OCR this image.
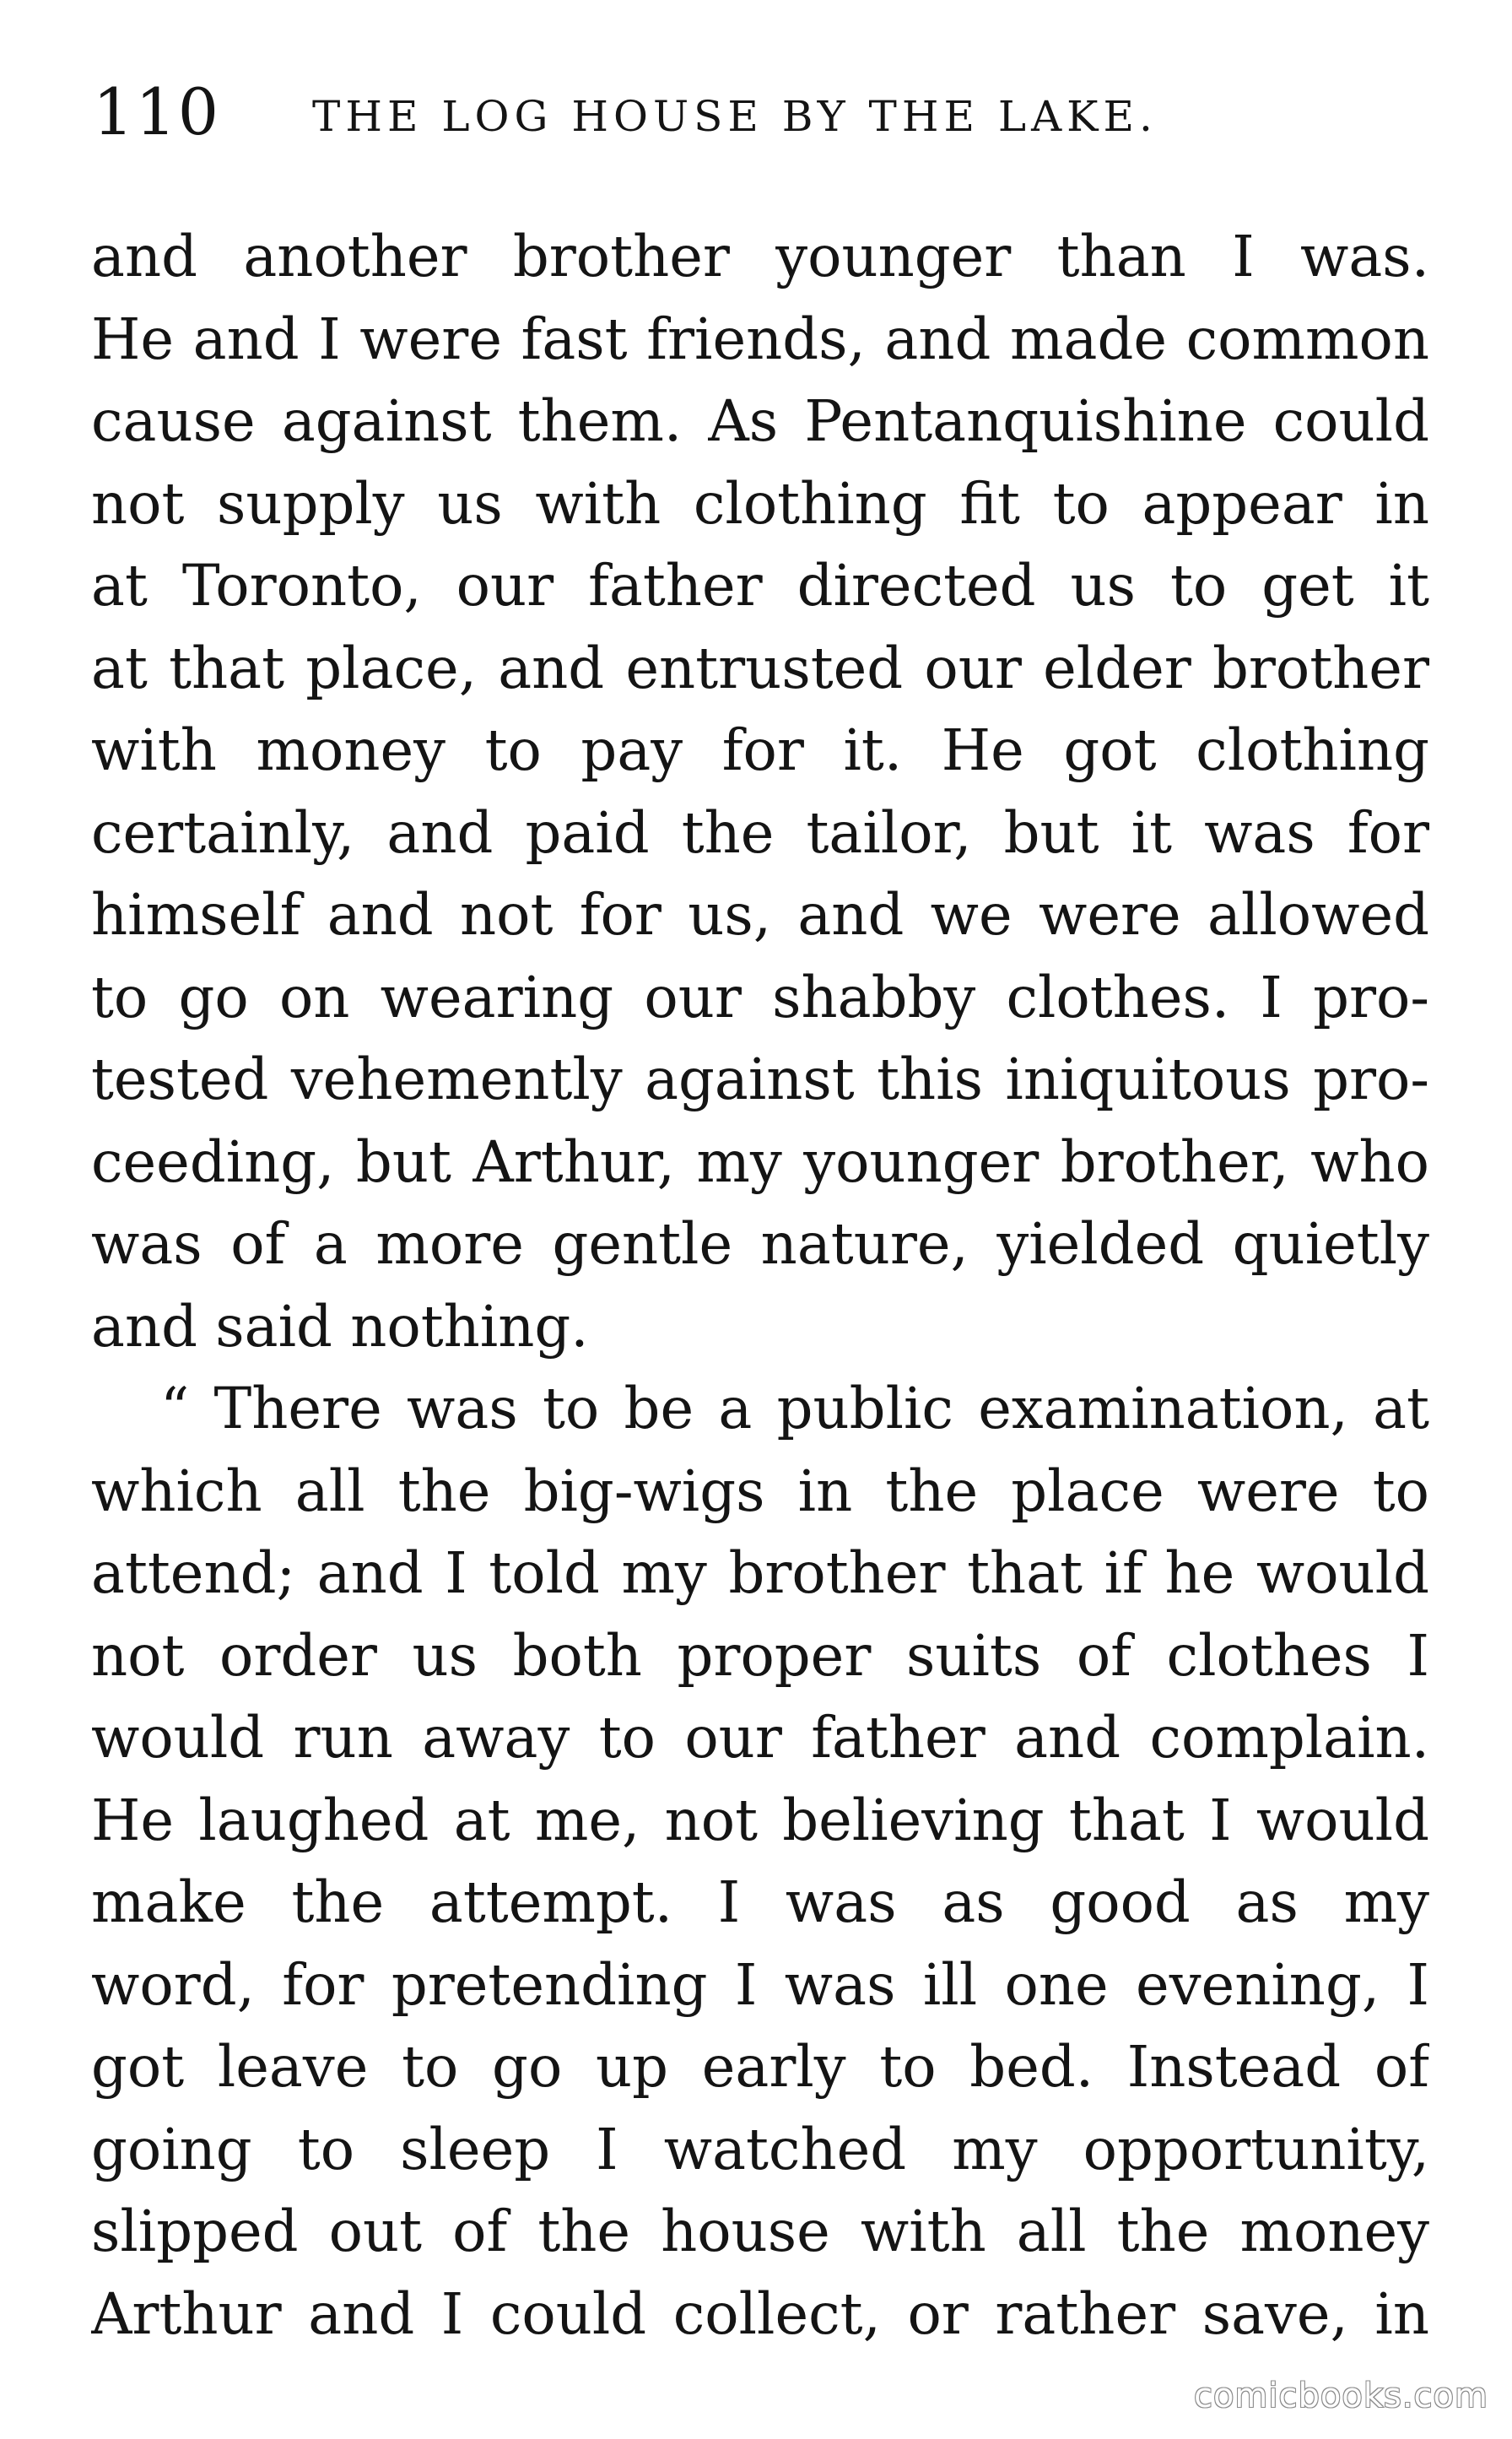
110 THE LOG HOUSE BY THE LAKE.
and another brother younger than I was.
He and I were fast friends, and made common
cause against them. As Pentanquishine could
not supply us with clothing fit to appear in
at Toronto, our father directed us to get it
at that place, and entrusted our elder brother
with money to pay for it. He got clothing
certainly, and paid the tailor, but it was for
himself and not for us, and we were allowed
to go on wearing our shabby clothes. I pro-
tested vehemently against this iniquitous pro-
ceeding, but Arthur, my younger brother, who
was of a more gentle nature, yielded quietly
and said nothing.
“ There was to be a public examination, at
which all the big-wigs in the place were to
attend; and I told my brother that if he would
not order us both proper suits of clothes I
would run away to our father and complain.
He laughed at me, not believing that I would
make the attempt. I was as good as my
word, for pretending I was ill one evening, I
got leave to go up early to bed. Instead of
going to sleep I watched my opportunity,
slipped out of the house with all the money
Arthur and I could collect, or rather save, in
comicbooks.com
